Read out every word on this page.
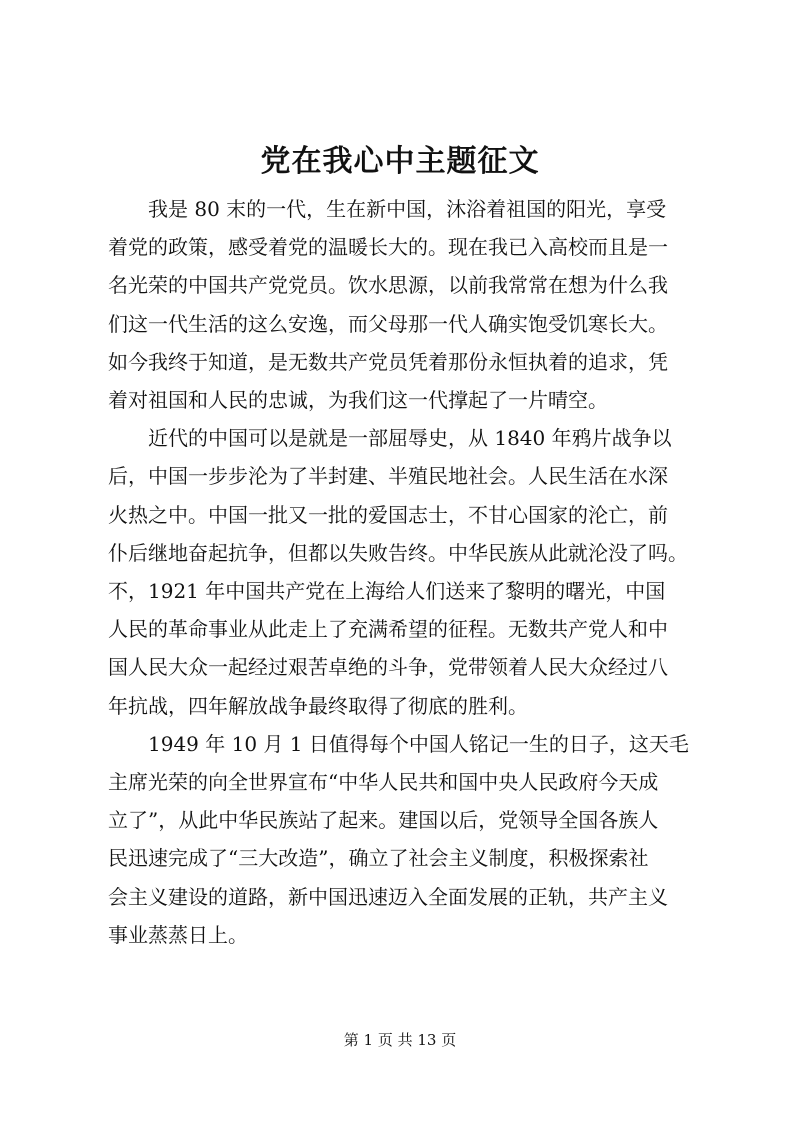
党在我心中主题征文

我是 80 末的一代，生在新中国，沐浴着祖国的阳光，享受

着党的政策，感受着党的温暖长大的。现在我已入高校而且是一

名光荣的中国共产党党员。饮水思源，以前我常常在想为什么我

们这一代生活的这么安逸，而父母那一代人确实饱受饥寒长大。

如今我终于知道，是无数共产党员凭着那份永恒执着的追求，凭

着对祖国和人民的忠诚，为我们这一代撑起了一片晴空。

近代的中国可以是就是一部屈辱史，从 1840 年鸦片战争以

后，中国一步步沦为了半封建、半殖民地社会。人民生活在水深

火热之中。中国一批又一批的爱国志士，不甘心国家的沦亡，前

仆后继地奋起抗争，但都以失败告终。中华民族从此就沦没了吗。

不，1921 年中国共产党在上海给人们送来了黎明的曙光，中国

人民的革命事业从此走上了充满希望的征程。无数共产党人和中

国人民大众一起经过艰苦卓绝的斗争，党带领着人民大众经过八

年抗战，四年解放战争最终取得了彻底的胜利。

1949 年 10 月 1 日值得每个中国人铭记一生的日子，这天毛

主席光荣的向全世界宣布“中华人民共和国中央人民政府今天成

立了”，从此中华民族站了起来。建国以后，党领导全国各族人

民迅速完成了“三大改造”，确立了社会主义制度，积极探索社

会主义建设的道路，新中国迅速迈入全面发展的正轨，共产主义

事业蒸蒸日上。

第 1 页 共 13 页
